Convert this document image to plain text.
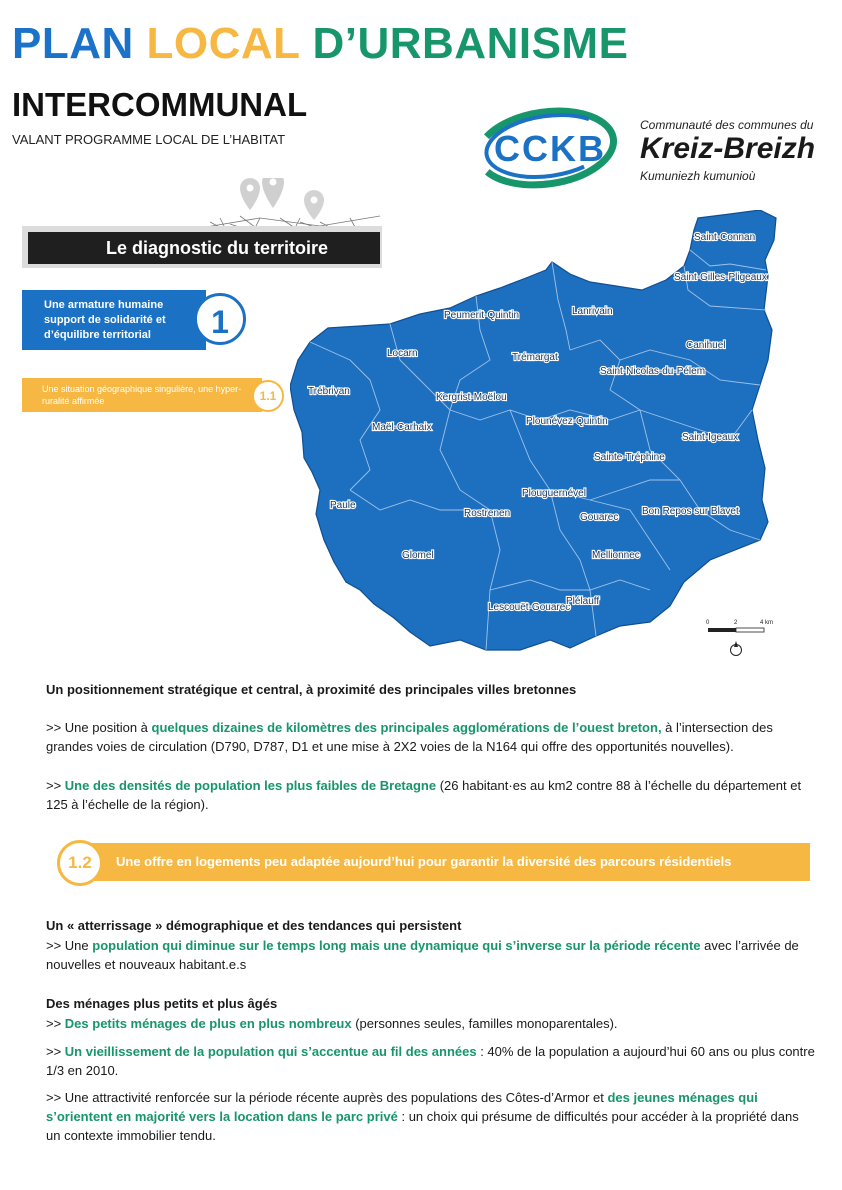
PLAN LOCAL D’URBANISME
INTERCOMMUNAL
VALANT PROGRAMME LOCAL DE L’HABITAT	CCKB
Communauté des communes du
Kreiz-Breizh
Kumuniezh kumunioù
Le diagnostic du territoire
Une armature humaine support de solidarité et d’équilibre territorial	1
Une situation géographique singulière, une hyper-ruralité affirmée	1.1
0	2	4 km
Saint-Connan
Saint-Gilles-Pligeaux
Peumerit-Quintin	Lanrivain
Canihuel
Locarn	Trémargat
Saint-Nicolas-du-Pélem
Trébrivan
Kergrist-Moëlou
Rostrenen
Maël-Carhaix
Plounévez-Quintin
Saint-Igeaux
Sainte-Tréphine
Paule
Plouguernével
Gouarec
Bon Repos sur Blavet
Glomel	Mellionnec
Lescouët-Gouarec
Plélauff
Un positionnement stratégique et central, à proximité des principales villes bretonnes
>> Une position à quelques dizaines de kilomètres des principales agglomérations de l’ouest breton, à l’intersection des grandes voies de circulation (D790, D787, D1 et une mise à 2X2 voies de la N164 qui offre des opportunités nouvelles).
>> Une des densités de population les plus faibles de Bretagne (26 habitant·es au km2 contre 88 à l’échelle du département et 125 à l’échelle de la région).
Une offre en logements peu adaptée aujourd’hui pour garantir la diversité des parcours résidentiels
1.2
Un « atterrissage » démographique et des tendances qui persistent
>> Une population qui diminue sur le temps long mais une dynamique qui s’inverse sur la période récente avec l’arrivée de nouvelles et nouveaux habitant.e.s
Des ménages plus petits et plus âgés
>> Des petits ménages de plus en plus nombreux (personnes seules, familles monoparentales).
>> Un vieillissement de la population qui s’accentue au fil des années : 40% de la population a aujourd’hui 60 ans ou plus contre 1/3 en 2010.
>> Une attractivité renforcée sur la période récente auprès des populations des Côtes-d’Armor et des jeunes ménages qui s’orientent en majorité vers la location dans le parc privé : un choix qui présume de difficultés pour accéder à la propriété dans un contexte immobilier tendu.
